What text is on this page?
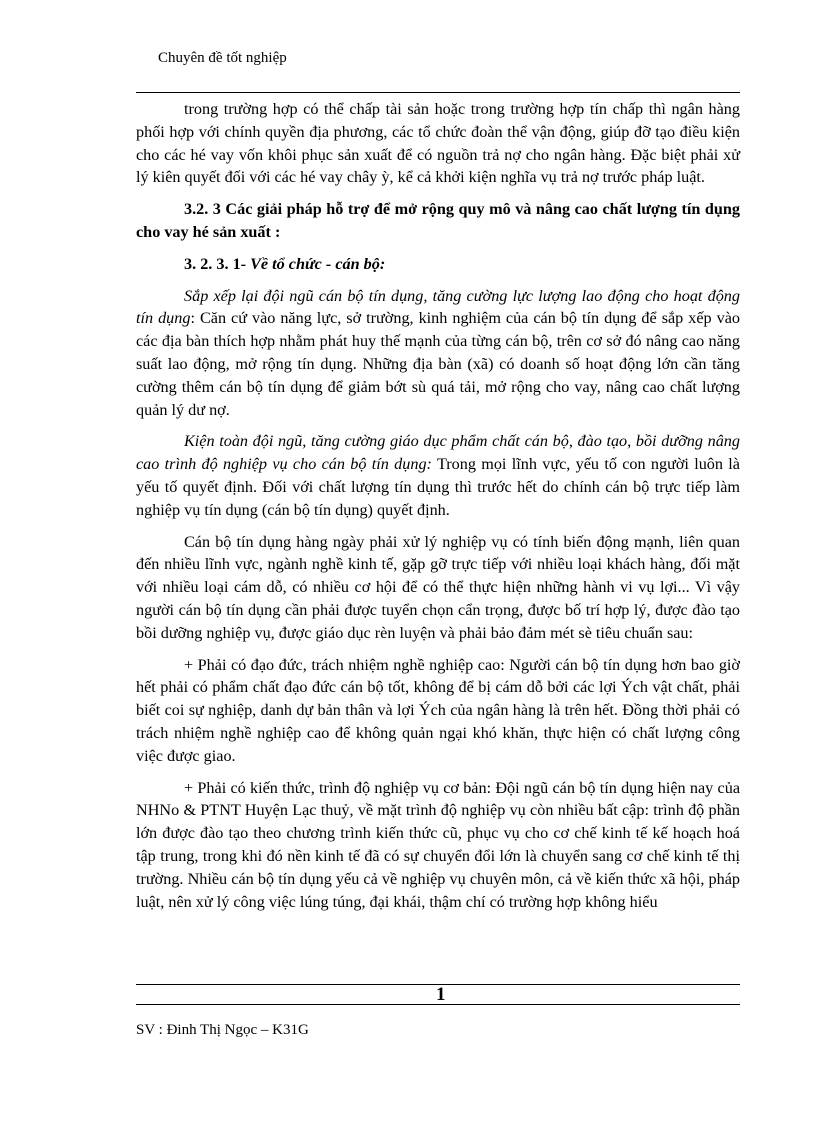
Chuyên đề tốt nghiệp

trong trường hợp có thể chấp tài sản hoặc trong trường hợp tín chấp thì ngân hàng phối hợp với chính quyền địa phương, các tổ chức đoàn thể vận động, giúp đỡ tạo điều kiện cho các hé vay vốn khôi phục sản xuất để có nguồn trả nợ cho ngân hàng. Đặc biệt phải xử lý kiên quyết đối với các hé vay chây ỳ, kể cả khởi kiện nghĩa vụ trả nợ trước pháp luật.

3.2. 3 Các giải pháp hỗ trợ để mở rộng quy mô và nâng cao chất lượng tín dụng cho vay hé sản xuất :

3. 2. 3. 1- Về tổ chức - cán bộ:

Sắp xếp lại đội ngũ cán bộ tín dụng, tăng cường lực lượng lao động cho hoạt động tín dụng: Căn cứ vào năng lực, sở trường, kinh nghiệm của cán bộ tín dụng để sắp xếp vào các địa bàn thích hợp nhằm phát huy thế mạnh của từng cán bộ, trên cơ sở đó nâng cao năng suất lao động, mở rộng tín dụng. Những địa bàn (xã) có doanh số hoạt động lớn cần tăng cường thêm cán bộ tín dụng để giảm bớt sù quá tải, mở rộng cho vay, nâng cao chất lượng quản lý dư nợ.

Kiện toàn đội ngũ, tăng cường giáo dục phẩm chất cán bộ, đào tạo, bồi dưỡng nâng cao trình độ nghiệp vụ cho cán bộ tín dụng: Trong mọi lĩnh vực, yếu tố con người luôn là yếu tố quyết định. Đối với chất lượng tín dụng thì trước hết do chính cán bộ trực tiếp làm nghiệp vụ tín dụng (cán bộ tín dụng) quyết định.

Cán bộ tín dụng hàng ngày phải xử lý nghiệp vụ có tính biến động mạnh, liên quan đến nhiều lĩnh vực, ngành nghề kinh tế, gặp gỡ trực tiếp với nhiều loại khách hàng, đối mặt với nhiều loại cám dỗ, có nhiều cơ hội để có thể thực hiện những hành vi vụ lợi... Vì vậy người cán bộ tín dụng cần phải được tuyển chọn cẩn trọng, được bố trí hợp lý, được đào tạo bồi dưỡng nghiệp vụ, được giáo dục rèn luyện và phải bảo đảm mét sè tiêu chuẩn sau:

+ Phải có đạo đức, trách nhiệm nghề nghiệp cao: Người cán bộ tín dụng hơn bao giờ hết phải có phẩm chất đạo đức cán bộ tốt, không để bị cám dỗ bởi các lợi Ých vật chất, phải biết coi sự nghiệp, danh dự bản thân và lợi Ých của ngân hàng là trên hết. Đồng thời phải có trách nhiệm nghề nghiệp cao để không quản ngại khó khăn, thực hiện có chất lượng công việc được giao.

+ Phải có kiến thức, trình độ nghiệp vụ cơ bản: Đội ngũ cán bộ tín dụng hiện nay của NHNo & PTNT Huyện Lạc thuỷ, về mặt trình độ nghiệp vụ còn nhiều bất cập: trình độ phần lớn được đào tạo theo chương trình kiến thức cũ, phục vụ cho cơ chế kinh tế kế hoạch hoá tập trung, trong khi đó nền kinh tế đã có sự chuyển đổi lớn là chuyển sang cơ chế kinh tế thị trường. Nhiều cán bộ tín dụng yếu cả về nghiệp vụ chuyên môn, cả về kiến thức xã hội, pháp luật, nên xử lý công việc lúng túng, đại khái, thậm chí có trường hợp không hiểu

1
SV : Đinh Thị Ngọc – K31G
